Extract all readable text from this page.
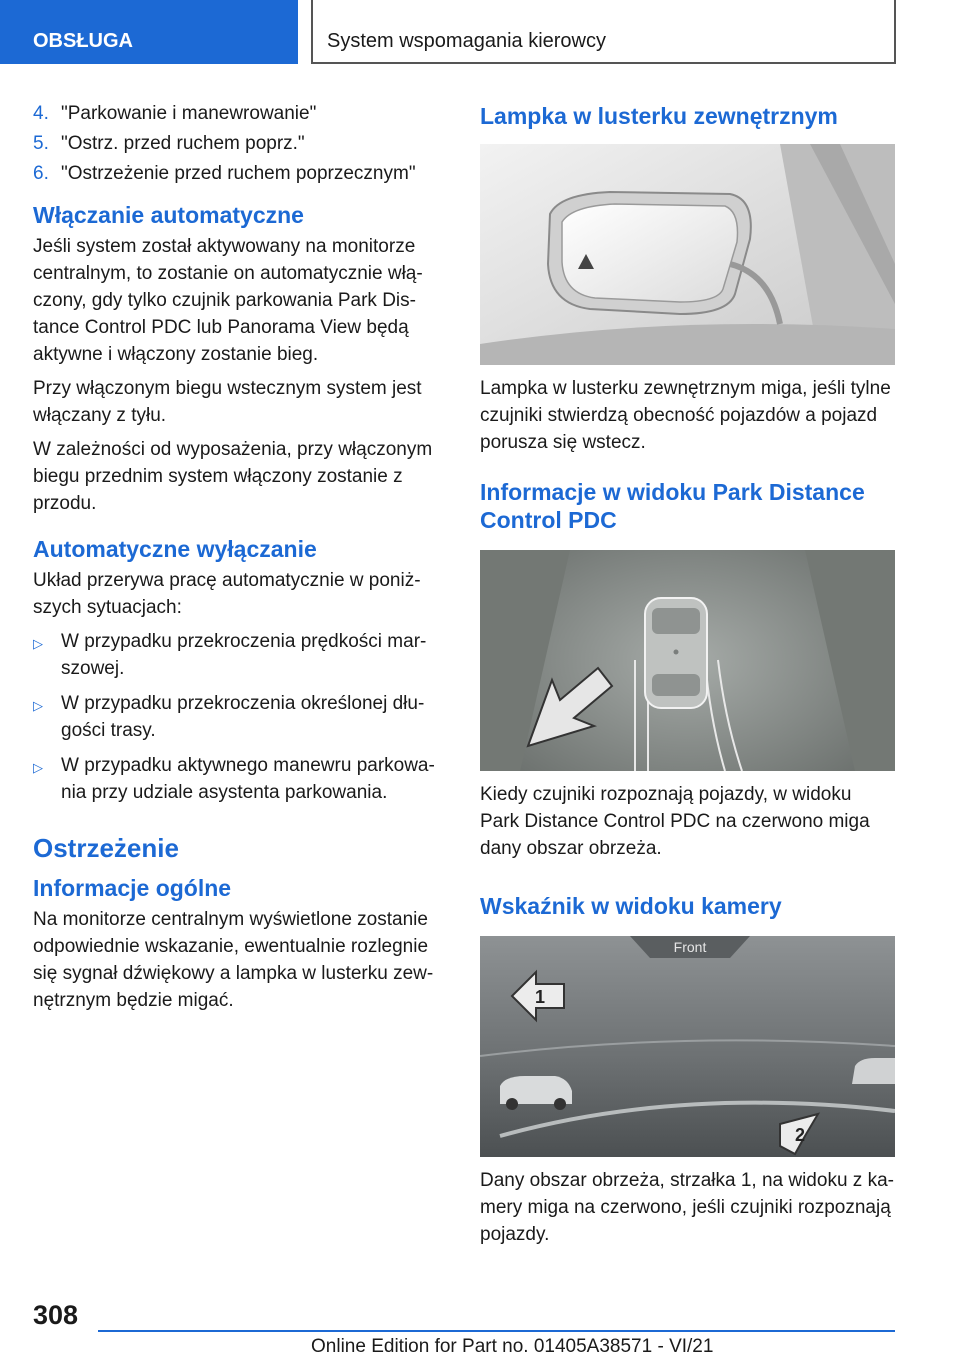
OBSŁUGA	System wspomagania kierowcy
4. "Parkowanie i manewrowanie"
5. "Ostrz. przed ruchem poprz."
6. "Ostrzeżenie przed ruchem poprzecznym"
Włączanie automatyczne

Jeśli system został aktywowany na monitorze centralnym, to zostanie on automatycznie włączony, gdy tylko czujnik parkowania Park Distance Control PDC lub Panorama View będą aktywne i włączony zostanie bieg.

Przy włączonym biegu wstecznym system jest włączany z tyłu.

W zależności od wyposażenia, przy włączonym biegu przednim system włączony zostanie z przodu.

Automatyczne wyłączanie

Układ przerywa pracę automatycznie w poniższych sytuacjach:

▷ W przypadku przekroczenia prędkości marszowej.
▷ W przypadku przekroczenia określonej długości trasy.
▷ W przypadku aktywnego manewru parkowania przy udziale asystenta parkowania.
Ostrzeżenie
Informacje ogólne

Na monitorze centralnym wyświetlone zostanie odpowiednie wskazanie, ewentualnie rozlegnie się sygnał dźwiękowy a lampka w lusterku zewnętrznym będzie migać.

Lampka w lusterku zewnętrznym

Lampka w lusterku zewnętrznym miga, jeśli tylne czujniki stwierdzą obecność pojazdów a pojazd porusza się wstecz.

Informacje w widoku Park Distance Control PDC

Kiedy czujniki rozpoznają pojazdy, w widoku Park Distance Control PDC na czerwono miga dany obszar obrzeża.

Wskaźnik w widoku kamery
Front
1
2

Dany obszar obrzeża, strzałka 1, na widoku z kamery miga na czerwono, jeśli czujniki rozpoznają pojazdy.

308
Online Edition for Part no. 01405A38571 - VI/21
